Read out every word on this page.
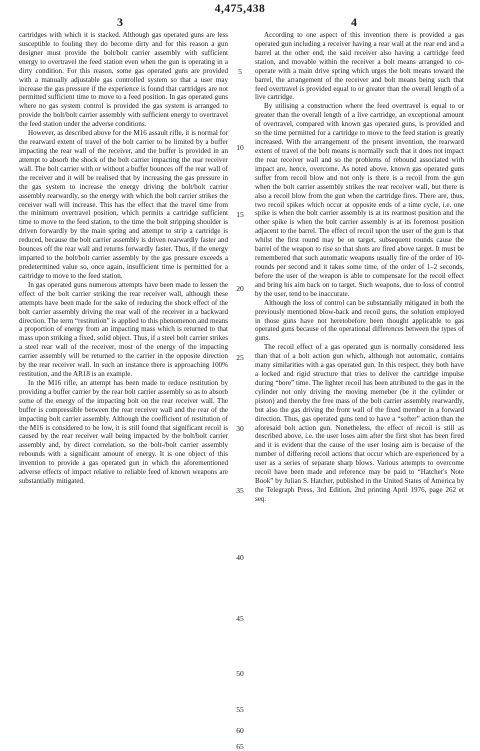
4,475,438
3	4

cartridges with which it is stacked. Although gas operated guns are less susceptible to fouling they do become dirty and for this reason a gun designer must provide the bolt/bolt carrier assembly with sufficient energy to overtravel the feed station even when the gun is operating in a dirty condition. For this reason, some gas operated guns are provided with a manually adjustable gas controlled system so that a user may increase the gas pressure if the experience is found that cartridges are not permitted sufficient time to move to a feed position. In gas operated guns where no gas system control is provided the gas system is arranged to provide the bolt/bolt carrier assembly with sufficient energy to overtravel the feed station under the adverse conditions.

However, as described above for the M16 assault rifle, it is normal for the rearward extent of travel of the bolt carrier to be limited by a buffer impacting the rear wall of the receiver, and the buffer is provided in an attempt to absorb the shock of the bolt carrier impacting the rear receiver wall. The bolt carrier with or without a buffer bounces off the rear wall of the receiver and it will be realised that by increasing the gas pressure in the gas system to increase the energy driving the bolt/bolt carrier assembly rearwardly, so the energy with which the bolt carrier strikes the receiver wall will increase. This has the effect that the travel time from the minimum overtravel position, which permits a cartridge sufficient time to move to the feed station, to the time the bolt stripping shoulder is driven forwardly by the main spring and attempt to strip a cartridge is reduced, because the bolt carrier assembly is driven rearwardly faster and bounces off the rear wall and returns forwardly faster. Thus, if the energy imparted to the bolt/bolt carrier assembly by the gas pressure exceeds a predetermined value so, once again, insufficient time is permitted for a cartridge to move to the feed station.

In gas operated guns numerous attempts have been made to lessen the effect of the bolt carrier striking the rear receiver wall, although these attempts have been made for the sake of reducing the shock effect of the bolt carrier assembly driving the rear wall of the receiver in a backward direction. The term “restitution” is applied to this phenomenon and means a proportion of energy from an impacting mass which is returned to that mass upon striking a fixed, solid object. Thus, if a steel bolt carrier strikes a steel rear wall of the receiver, most of the energy of the impacting carrier assembly will be returned to the carrier in the opposite direction by the rear receiver wall. In such an instance there is approaching 100% restitution, and the AR18 is an example.

In the M16 rifle, an attempt has been made to reduce restitution by providing a buffer carrier by the rear bolt carrier assembly so as to absorb some of the energy of the impacting bolt on the rear receiver wall. The buffer is compressible between the rear receiver wall and the rear of the impacting bolt carrier assembly. Although the coefficient of restitution of the M16 is considered to be low, it is still found that significant recoil is caused by the rear receiver wall being impacted by the bolt/bolt carrier assembly and, by direct correlation, so the bolt-/bolt carrier assembly rebounds with a significant amount of energy. It is one object of this invention to provide a gas operated gun in which the aforementioned adverse effects of impact relative to reliable feed of known weapons are substantially mitigated.

According to one aspect of this invention there is provided a gas operated gun including a receiver having a rear wall at the rear end and a barrel at the other end, the said receiver also having a cartridge feed station, and movable within the receiver a bolt means arranged to co-operate with a main drive spring which urges the bolt means toward the barrel, the arrangement of the receiver and bolt means being such that feed overtravel is provided equal to or greater than the overall length of a live cartridge.

By utilising a construction where the feed overtravel is equal to or greater than the overall length of a live cartridge, an exceptional amount of overtravel, compared with known gas operated guns, is provided and so the time permitted for a cartridge to move to the feed station is greatly increased. With the arrangement of the present invention, the rearward extent of travel of the bolt means is normally such that it does not impact the rear receiver wall and so the problems of rebound associated with impact are, hence, overcome. As noted above, known gas operated guns suffer from recoil blow and not only is there is a recoil from the gun when the bolt carrier assembly strikes the rear receiver wall, but there is also a recoil blow from the gun when the cartridge fires. There are, thus, two recoil spikes which occur at opposite ends of a time cycle, i.e. one spike is when the bolt carrier assembly is at its rearmost position and the other spike is when the bolt carrier assembly is at its foremost position adjacent to the barrel. The effect of recoil upon the user of the gun is that whilst the first round may be on target, subsequent rounds cause the barrel of the weapon to rise so that shots are fired above target. It must be remembered that such automatic weapons usually fire of the order of 10-rounds per second and it takes some time, of the order of 1–2 seconds, before the user of the weapon is able to compensate for the recoil effect and bring his aim back on to target. Such weapons, due to loss of control by the user, tend to be inaccurate.

Although the loss of control can be substantially mitigated in both the previously mentioned blow-back and recoil guns, the solution employed in those guns have not heretobefore been thought applicable to gas operated guns because of the operational differences between the types of guns.

The recoil effect of a gas operated gun is normally considered less than that of a bolt action gun which, although not automatic, contains many similarities with a gas operated gun. In this respect, they both have a locked and rigid structure that tries to deliver the cartridge impulse during “bore” time. The lighter recoil has been attributed to the gas in the cylinder not only driving the moving memeber (be it the cylinder or piston) and thereby the free mass of the bolt carrier assembly rearwardly, but also the gas driving the front wall of the fixed member in a forward direction. Thus, gas operated guns tend to have a “softer” action than the aforesaid bolt action gun. Nonetheless, the effect of recoil is still as described above, i.e. the user loses aim after the first shot has been fired and it is evident that the cause of the user losing aim is because of the number of differing recoil actions that occur which are experienced by a user as a series of separate sharp blows. Various attempts to overcome recoil have been made and reference may be paid to “Hatcher's Note Book” by Julian S. Hatcher, published in the United States of America by the Telegraph Press, 3rd Edition, 2nd printing April 1976, page 262 et seq.

5
10
15
20
25
30
35
40
45
50
55
60
65
